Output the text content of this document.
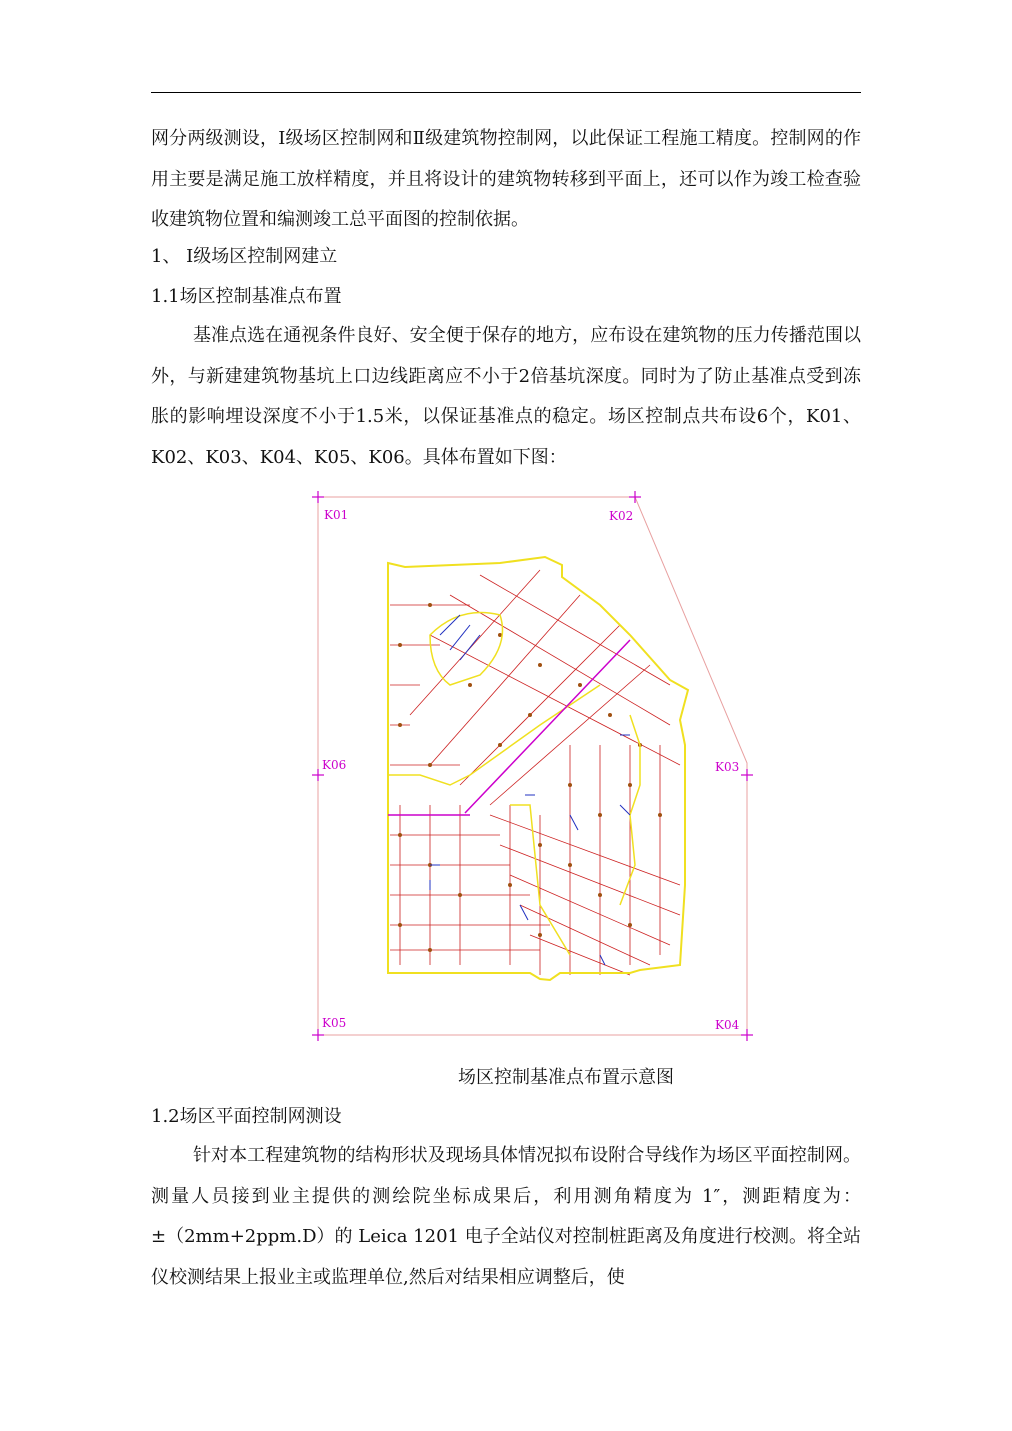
网分两级测设，Ⅰ级场区控制网和Ⅱ级建筑物控制网，以此保证工程施工精度。控制网的作用主要是满足施工放样精度，并且将设计的建筑物转移到平面上，还可以作为竣工检查验收建筑物位置和编测竣工总平面图的控制依据。

1、 Ⅰ级场区控制网建立

1.1场区控制基准点布置

基准点选在通视条件良好、安全便于保存的地方，应布设在建筑物的压力传播范围以外，与新建建筑物基坑上口边线距离应不小于2倍基坑深度。同时为了防止基准点受到冻胀的影响埋设深度不小于1.5米，以保证基准点的稳定。场区控制点共布设6个，K01、K02、K03、K04、K05、K06。具体布置如下图：

K01	K02
K03
K04
K05
K06

场区控制基准点布置示意图

1.2场区平面控制网测设

针对本工程建筑物的结构形状及现场具体情况拟布设附合导线作为场区平面控制网。测量人员接到业主提供的测绘院坐标成果后，利用测角精度为 1″，测距精度为：±（2mm+2ppm.D）的 Leica 1201 电子全站仪对控制桩距离及角度进行校测。将全站仪校测结果上报业主或监理单位,然后对结果相应调整后，使
